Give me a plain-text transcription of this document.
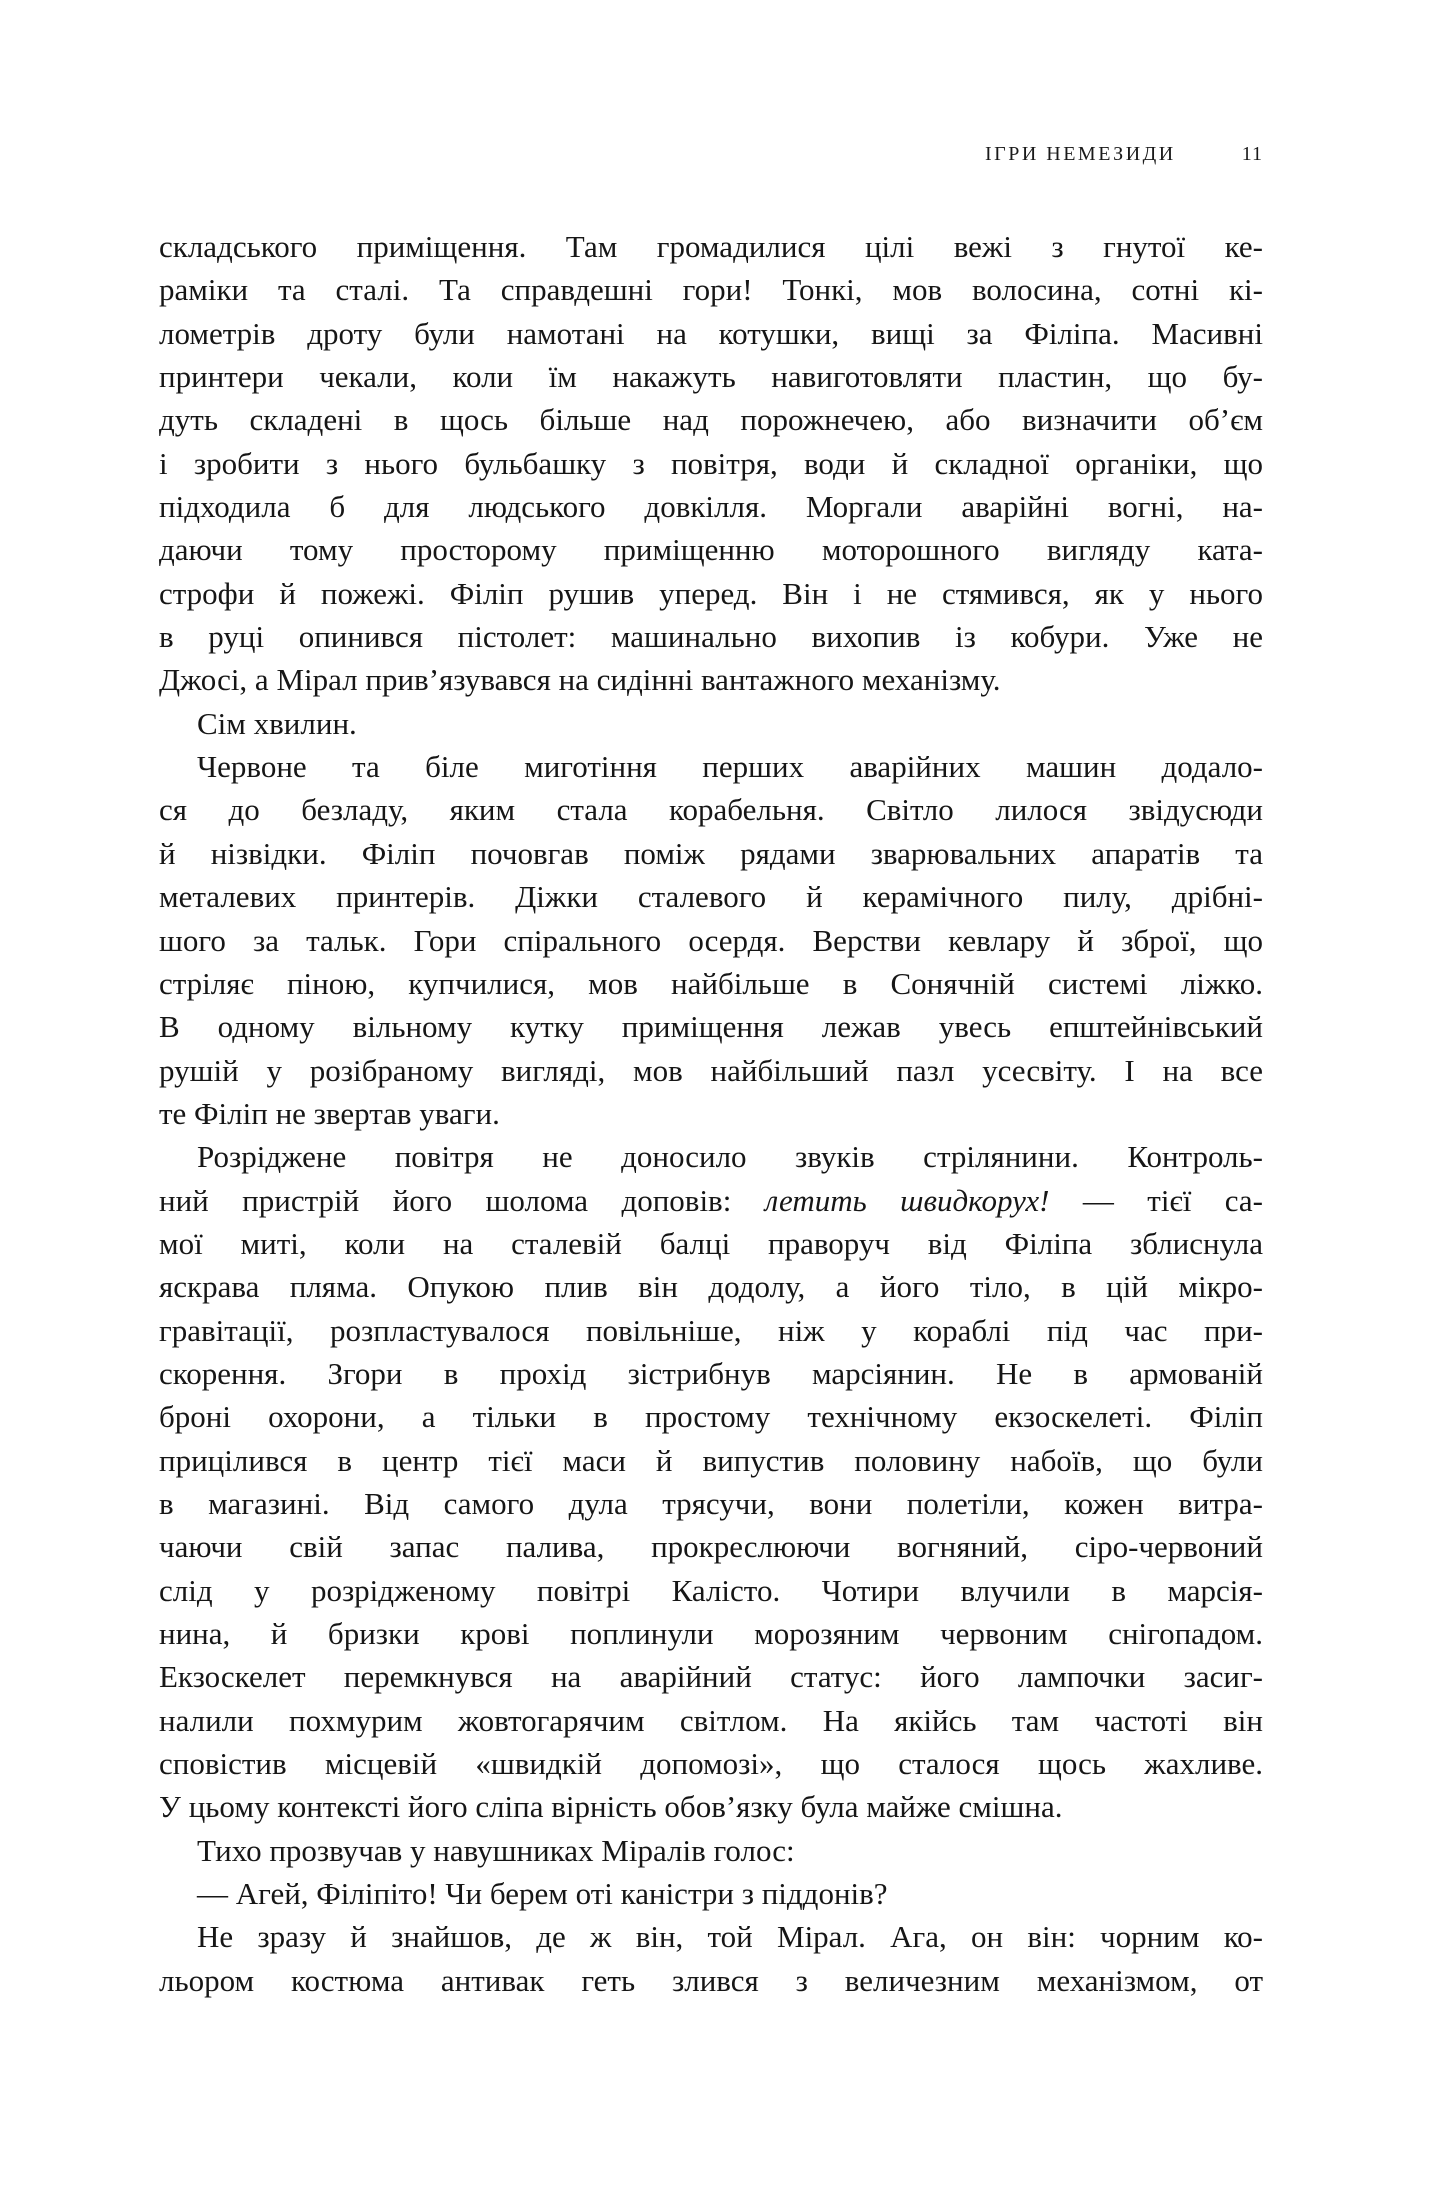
ІГРИ НЕМЕЗИДИ	11
складського приміщення. Там громадилися цілі вежі з гнутої ке-
раміки та сталі. Та справдешні гори! Тонкі, мов волосина, сотні кі-
лометрів дроту були намотані на котушки, вищі за Філіпа. Масивні
принтери чекали, коли їм накажуть навиготовляти пластин, що бу-
дуть складені в щось більше над порожнечею, або визначити об’єм
і зробити з нього бульбашку з повітря, води й складної органіки, що
підходила б для людського довкілля. Моргали аварійні вогні, на-
даючи тому просторому приміщенню моторошного вигляду ката-
строфи й пожежі. Філіп рушив уперед. Він і не стямився, як у нього
в руці опинився пістолет: машинально вихопив із кобури. Уже не
Джосі, а Мірал прив’язувався на сидінні вантажного механізму.
Сім хвилин.
Червоне та біле миготіння перших аварійних машин додало-
ся до безладу, яким стала корабельня. Світло лилося звідусюди
й нізвідки. Філіп почовгав поміж рядами зварювальних апаратів та
металевих принтерів. Діжки сталевого й керамічного пилу, дрібні-
шого за тальк. Гори спірального осердя. Верстви кевлару й зброї, що
стріляє піною, купчилися, мов найбільше в Сонячній системі ліжко.
В одному вільному кутку приміщення лежав увесь епштейнівський
рушій у розібраному вигляді, мов найбільший пазл усесвіту. І на все
те Філіп не звертав уваги.
Розріджене повітря не доносило звуків стрілянини. Контроль-
ний пристрій його шолома доповів: летить швидкорух! — тієї са-
мої миті, коли на сталевій балці праворуч від Філіпа зблиснула
яскрава пляма. Опукою плив він додолу, а його тіло, в цій мікро-
гравітації, розпластувалося повільніше, ніж у кораблі під час при-
скорення. Згори в прохід зістрибнув марсіянин. Не в армованій
броні охорони, а тільки в простому технічному екзоскелеті. Філіп
прицілився в центр тієї маси й випустив половину набоїв, що були
в магазині. Від самого дула трясучи, вони полетіли, кожен витра-
чаючи свій запас палива, прокреслюючи вогняний, сіро-червоний
слід у розрідженому повітрі Калісто. Чотири влучили в марсія-
нина, й бризки крові поплинули морозяним червоним снігопадом.
Екзоскелет перемкнувся на аварійний статус: його лампочки засиг-
налили похмурим жовтогарячим світлом. На якійсь там частоті він
сповістив місцевій «швидкій допомозі», що сталося щось жахливе.
У цьому контексті його сліпа вірність обов’язку була майже смішна.
Тихо прозвучав у навушниках Міралів голос:
— Агей, Філіпіто! Чи берем оті каністри з піддонів?
Не зразу й знайшов, де ж він, той Мірал. Ага, он він: чорним ко-
льором костюма антивак геть злився з величезним механізмом, от
